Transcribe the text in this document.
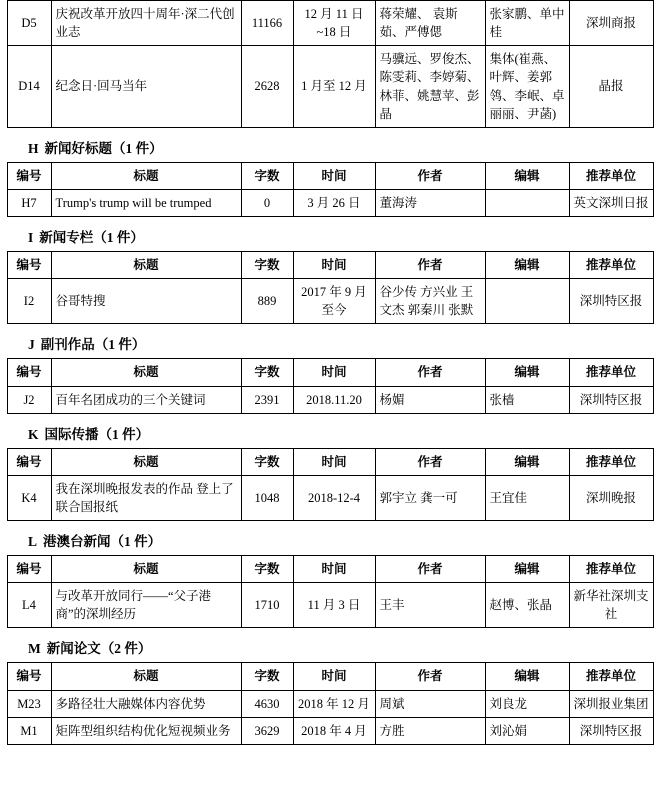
D5	庆祝改革开放四十周年·深二代创业志	11166	12 月 11 日~18 日	蒋荣耀、 袁斯茹、严傅偲	张家鹏、单中桂	深圳商报
D14	纪念日·回马当年	2628	1 月至 12 月	马骥远、罗俊杰、陈雯莉、李婷菊、林菲、姚慧苹、彭晶	集体(崔燕、叶辉、姜郭鸰、李岷、卓丽丽、尹菡)	晶报
H 新闻好标题（1 件）
编号	标题	字数	时间	作者	编辑	推荐单位
H7	Trump's trump will be trumped	0	3 月 26 日	董海涛		英文深圳日报
I 新闻专栏（1 件）
编号	标题	字数	时间	作者	编辑	推荐单位
I2	谷哥特搜	889	2017 年 9 月至今	谷少传 方兴业 王文杰 郭秦川 张默		深圳特区报
J 副刊作品（1 件）
编号	标题	字数	时间	作者	编辑	推荐单位
J2	百年名团成功的三个关键词	2391	2018.11.20	杨媚	张樯	深圳特区报
K 国际传播（1 件）
编号	标题	字数	时间	作者	编辑	推荐单位
K4	我在深圳晚报发表的作品 登上了联合国报纸	1048	2018-12-4	郭宇立 龚一可	王宜佳	深圳晚报
L 港澳台新闻（1 件）
编号	标题	字数	时间	作者	编辑	推荐单位
L4	与改革开放同行——“父子港商”的深圳经历	1710	11 月 3 日	王丰	赵博、张晶	新华社深圳支社
M 新闻论文（2 件）
编号	标题	字数	时间	作者	编辑	推荐单位
M23	多路径壮大融媒体内容优势	4630	2018 年 12 月	周斌	刘良龙	深圳报业集团
M1	矩阵型组织结构优化短视频业务	3629	2018 年 4 月	方胜	刘沁娟	深圳特区报
